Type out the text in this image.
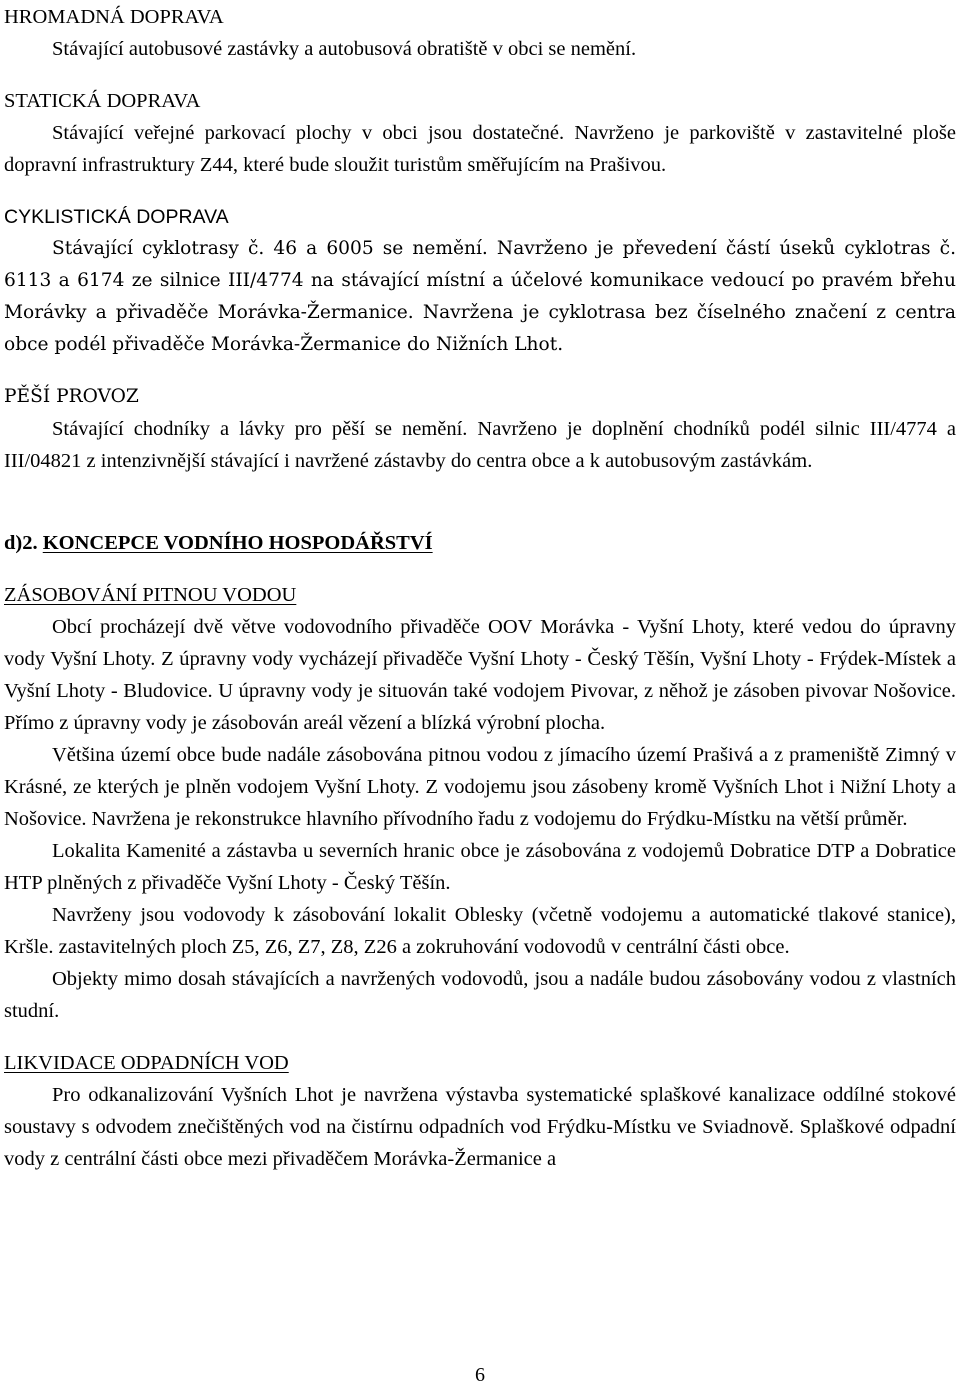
HROMADNÁ DOPRAVA

Stávající autobusové zastávky a autobusová obratiště v obci se nemění.

STATICKÁ DOPRAVA

Stávající veřejné parkovací plochy v obci jsou dostatečné. Navrženo je parkoviště v zastavitelné ploše dopravní infrastruktury Z44, které bude sloužit turistům směřujícím na Prašivou.

CYKLISTICKÁ DOPRAVA

Stávající cyklotrasy č. 46 a 6005 se nemění. Navrženo je převedení částí úseků cyklotras č. 6113 a 6174 ze silnice III/4774 na stávající místní a účelové komunikace vedoucí po pravém břehu Morávky a přivaděče Morávka-Žermanice. Navržena je cyklotrasa bez číselného značení z centra obce podél přivaděče Morávka-Žermanice do Nižních Lhot.

PĚŠÍ PROVOZ

Stávající chodníky a lávky pro pěší se nemění. Navrženo je doplnění chodníků podél silnic III/4774 a III/04821 z intenzivnější stávající i navržené zástavby do centra obce a k autobusovým zastávkám.

d)2. KONCEPCE VODNÍHO HOSPODÁŘSTVÍ

ZÁSOBOVÁNÍ PITNOU VODOU

Obcí procházejí dvě větve vodovodního přivaděče OOV Morávka - Vyšní Lhoty, které vedou do úpravny vody Vyšní Lhoty. Z úpravny vody vycházejí přivaděče Vyšní Lhoty - Český Těšín, Vyšní Lhoty - Frýdek-Místek a Vyšní Lhoty - Bludovice. U úpravny vody je situován také vodojem Pivovar, z něhož je zásoben pivovar Nošovice. Přímo z úpravny vody je zásobován areál vězení a blízká výrobní plocha.

Většina území obce bude nadále zásobována pitnou vodou z jímacího území Prašivá a z prameniště Zimný v Krásné, ze kterých je plněn vodojem Vyšní Lhoty. Z vodojemu jsou zásobeny kromě Vyšních Lhot i Nižní Lhoty a Nošovice. Navržena je rekonstrukce hlavního přívodního řadu z vodojemu do Frýdku-Místku na větší průměr.

Lokalita Kamenité a zástavba u severních hranic obce je zásobována z vodojemů Dobratice DTP a Dobratice HTP plněných z přivaděče Vyšní Lhoty - Český Těšín.

Navrženy jsou vodovody k zásobování lokalit Oblesky (včetně vodojemu a automatické tlakové stanice), Kršle. zastavitelných ploch Z5, Z6, Z7, Z8, Z26 a zokruhování vodovodů v centrální části obce.

Objekty mimo dosah stávajících a navržených vodovodů, jsou a nadále budou zásobovány vodou z vlastních studní.

LIKVIDACE ODPADNÍCH VOD

Pro odkanalizování Vyšních Lhot je navržena výstavba systematické splaškové kanalizace oddílné stokové soustavy s odvodem znečištěných vod na čistírnu odpadních vod Frýdku-Místku ve Sviadnově. Splaškové odpadní vody z centrální části obce mezi přivaděčem Morávka-Žermanice a

6
